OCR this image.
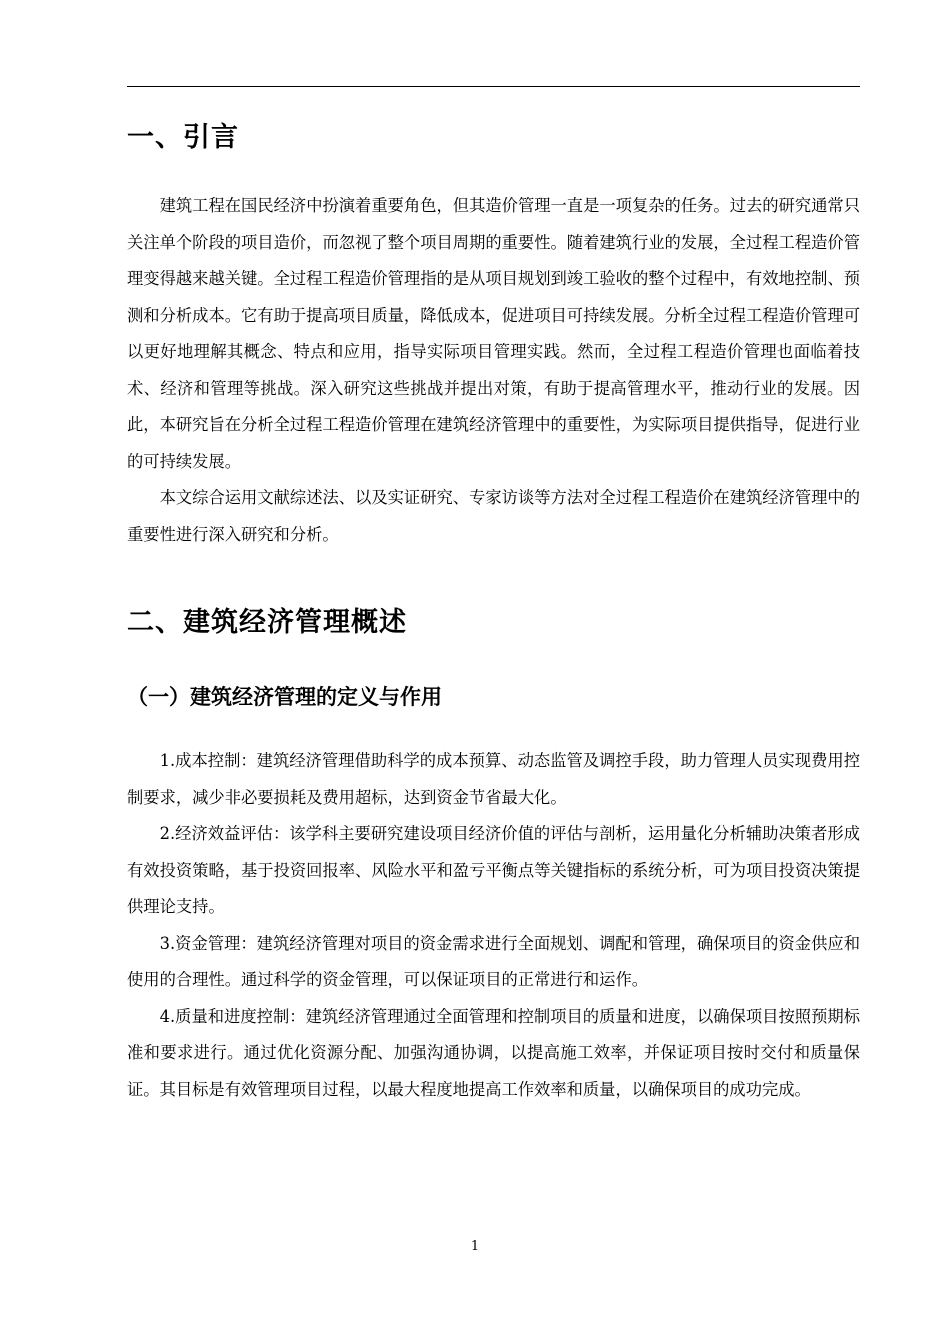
一、引言

建筑工程在国民经济中扮演着重要角色，但其造价管理一直是一项复杂的任务。过去的研究通常只关注单个阶段的项目造价，而忽视了整个项目周期的重要性。随着建筑行业的发展，全过程工程造价管理变得越来越关键。全过程工程造价管理指的是从项目规划到竣工验收的整个过程中，有效地控制、预测和分析成本。它有助于提高项目质量，降低成本，促进项目可持续发展。分析全过程工程造价管理可以更好地理解其概念、特点和应用，指导实际项目管理实践。然而，全过程工程造价管理也面临着技术、经济和管理等挑战。深入研究这些挑战并提出对策，有助于提高管理水平，推动行业的发展。因此，本研究旨在分析全过程工程造价管理在建筑经济管理中的重要性，为实际项目提供指导，促进行业的可持续发展。

本文综合运用文献综述法、以及实证研究、专家访谈等方法对全过程工程造价在建筑经济管理中的重要性进行深入研究和分析。

二、建筑经济管理概述
（一）建筑经济管理的定义与作用

1.成本控制：建筑经济管理借助科学的成本预算、动态监管及调控手段，助力管理人员实现费用控制要求，减少非必要损耗及费用超标，达到资金节省最大化。

2.经济效益评估：该学科主要研究建设项目经济价值的评估与剖析，运用量化分析辅助决策者形成有效投资策略，基于投资回报率、风险水平和盈亏平衡点等关键指标的系统分析，可为项目投资决策提供理论支持。

3.资金管理：建筑经济管理对项目的资金需求进行全面规划、调配和管理，确保项目的资金供应和使用的合理性。通过科学的资金管理，可以保证项目的正常进行和运作。

4.质量和进度控制：建筑经济管理通过全面管理和控制项目的质量和进度，以确保项目按照预期标准和要求进行。通过优化资源分配、加强沟通协调，以提高施工效率，并保证项目按时交付和质量保证。其目标是有效管理项目过程，以最大程度地提高工作效率和质量，以确保项目的成功完成。

1
